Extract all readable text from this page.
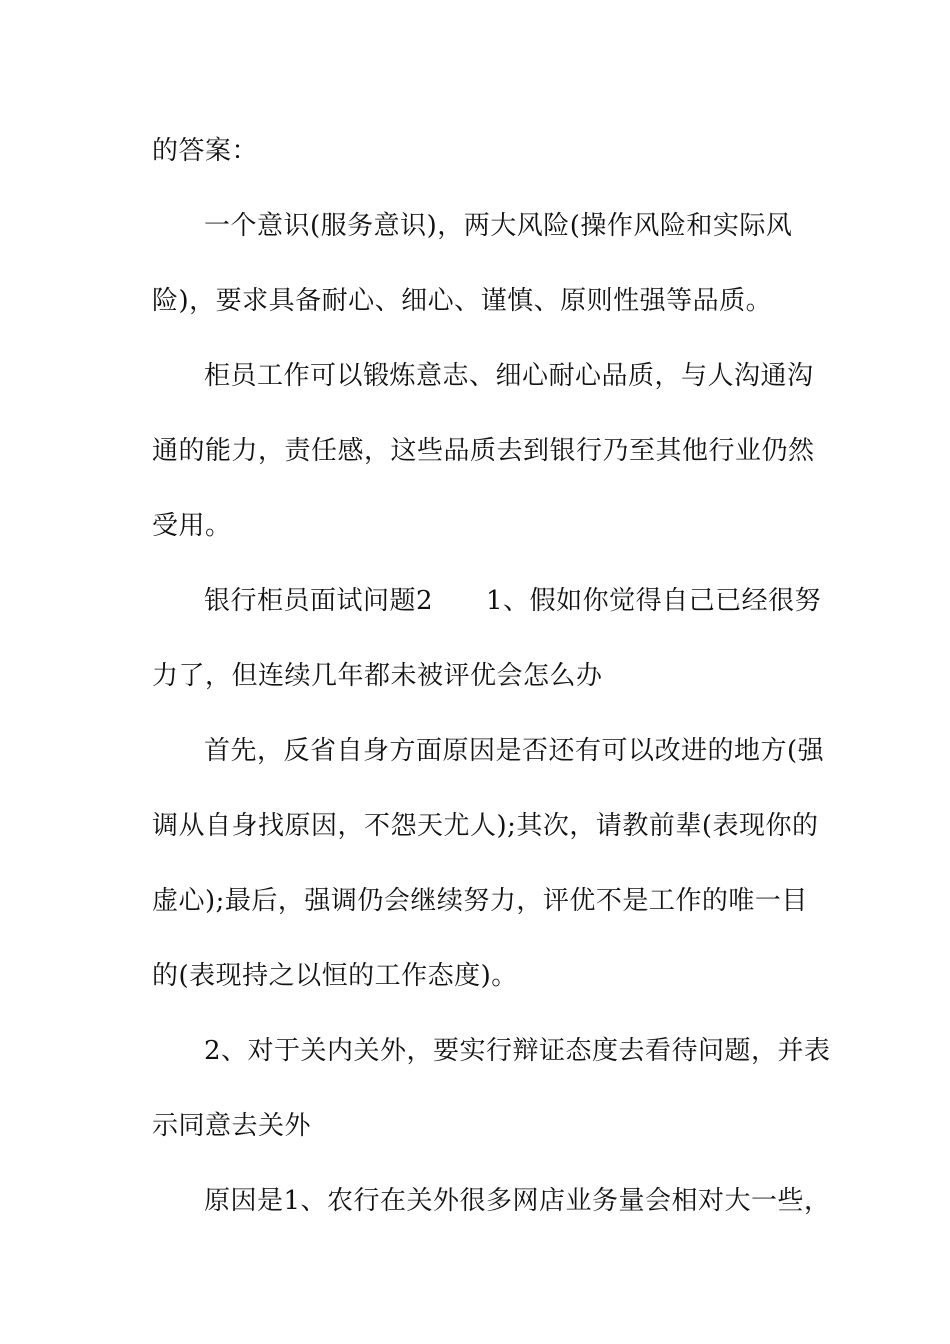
的答案：
一个意识(服务意识)，两大风险(操作风险和实际风
险)，要求具备耐心、细心、谨慎、原则性强等品质。
柜员工作可以锻炼意志、细心耐心品质，与人沟通沟
通的能力，责任感，这些品质去到银行乃至其他行业仍然
受用。
银行柜员面试问题2　　1、假如你觉得自己已经很努
力了，但连续几年都未被评优会怎么办
首先，反省自身方面原因是否还有可以改进的地方(强
调从自身找原因，不怨天尤人);其次，请教前辈(表现你的
虚心);最后，强调仍会继续努力，评优不是工作的唯一目
的(表现持之以恒的工作态度)。
2、对于关内关外，要实行辩证态度去看待问题，并表
示同意去关外
原因是1、农行在关外很多网店业务量会相对大一些，
